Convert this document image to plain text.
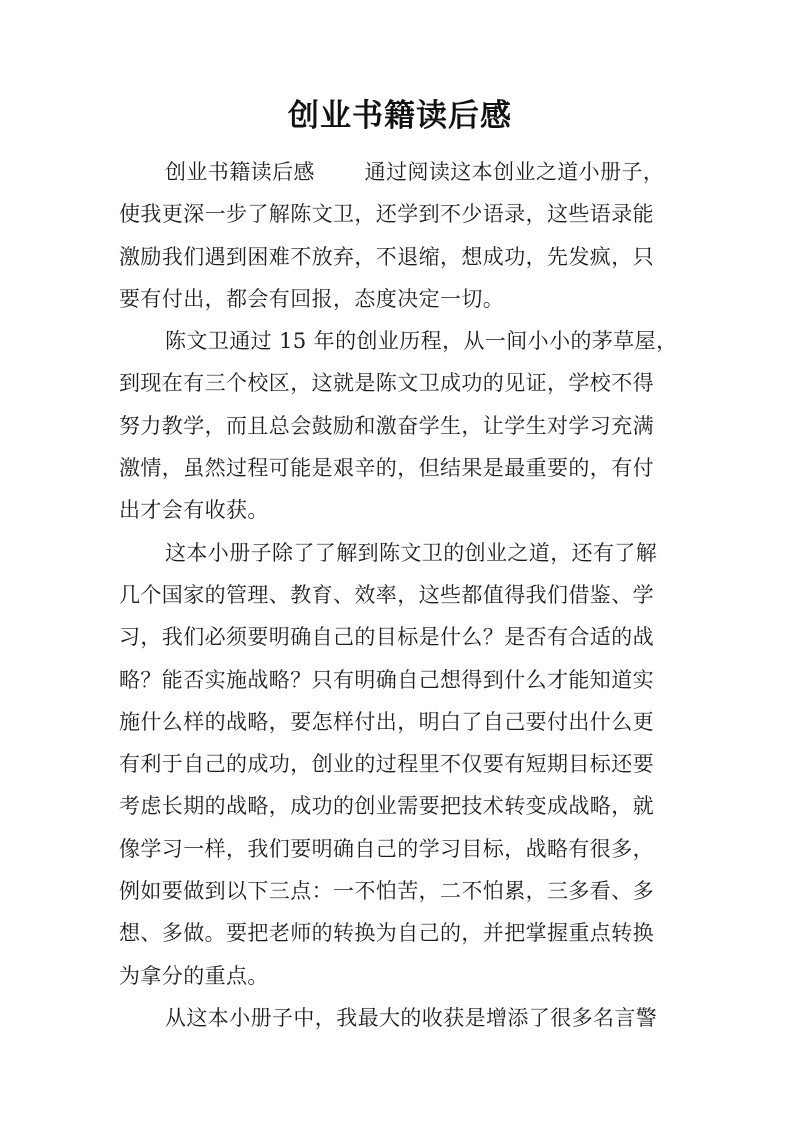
创业书籍读后感
创业书籍读后感　　 通过阅读这本创业之道小册子，
使我更深一步了解陈文卫，还学到不少语录，这些语录能
激励我们遇到困难不放弃，不退缩，想成功，先发疯，只
要有付出，都会有回报，态度决定一切。
陈文卫通过 15 年的创业历程，从一间小小的茅草屋，
到现在有三个校区，这就是陈文卫成功的见证，学校不得
努力教学，而且总会鼓励和激奋学生，让学生对学习充满
激情，虽然过程可能是艰辛的，但结果是最重要的，有付
出才会有收获。
这本小册子除了了解到陈文卫的创业之道，还有了解
几个国家的管理、教育、效率，这些都值得我们借鉴、学
习，我们必须要明确自己的目标是什么？是否有合适的战
略？能否实施战略？只有明确自己想得到什么才能知道实
施什么样的战略，要怎样付出，明白了自己要付出什么更
有利于自己的成功，创业的过程里不仅要有短期目标还要
考虑长期的战略，成功的创业需要把技术转变成战略，就
像学习一样，我们要明确自己的学习目标，战略有很多，
例如要做到以下三点：一不怕苦，二不怕累，三多看、多
想、多做。要把老师的转换为自己的，并把掌握重点转换
为拿分的重点。
从这本小册子中，我最大的收获是增添了很多名言警
